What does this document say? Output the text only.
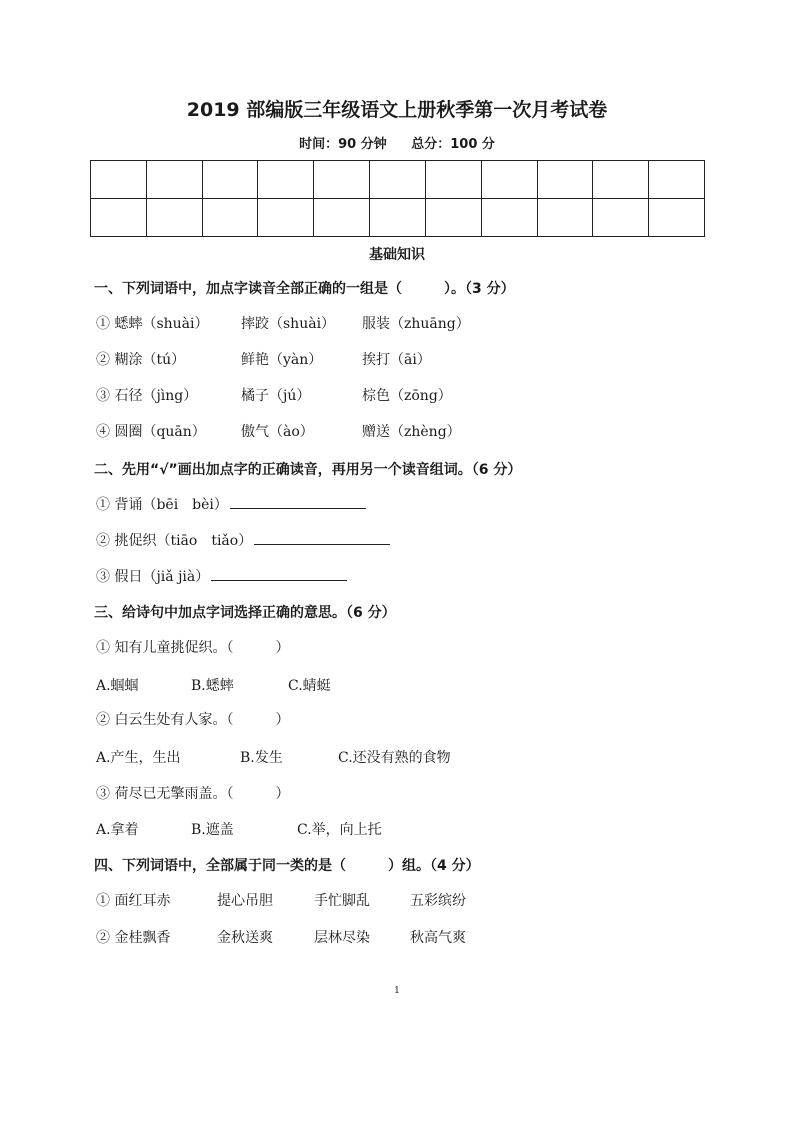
2019 部编版三年级语文上册秋季第一次月考试卷
时间：90 分钟 总分：100 分

基础知识
一、下列词语中，加点字读音全部正确的一组是（　　　）。（3 分）
① 蟋蟀（shuài） 摔跤（shuài） 服装（zhuāng）
② 糊涂（tú）	鲜艳（yàn）	挨打（āi）
③ 石径（jìng）	橘子（jú）	棕色（zōng）
④ 圆圈（quān）	傲气（ào）	赠送（zhèng）
二、先用“√”画出加点字的正确读音，再用另一个读音组词。（6 分）
① 背诵（bēi　bèi）
② 挑促织（tiāo　tiǎo）
③ 假日（jiǎ jià）
三、给诗句中加点字词选择正确的意思。（6 分）
① 知有儿童挑促织。（　　　）
A.蝈蝈	B.蟋蟀	C.蜻蜓
② 白云生处有人家。（　　　）
A.产生，生出	B.发生	C.还没有熟的食物
③ 荷尽已无擎雨盖。（　　　）
A.拿着	B.遮盖	C.举，向上托
四、下列词语中，全部属于同一类的是（　　　）组。（4 分）
① 面红耳赤	提心吊胆	手忙脚乱	五彩缤纷
② 金桂飘香	金秋送爽	层林尽染	秋高气爽
1
